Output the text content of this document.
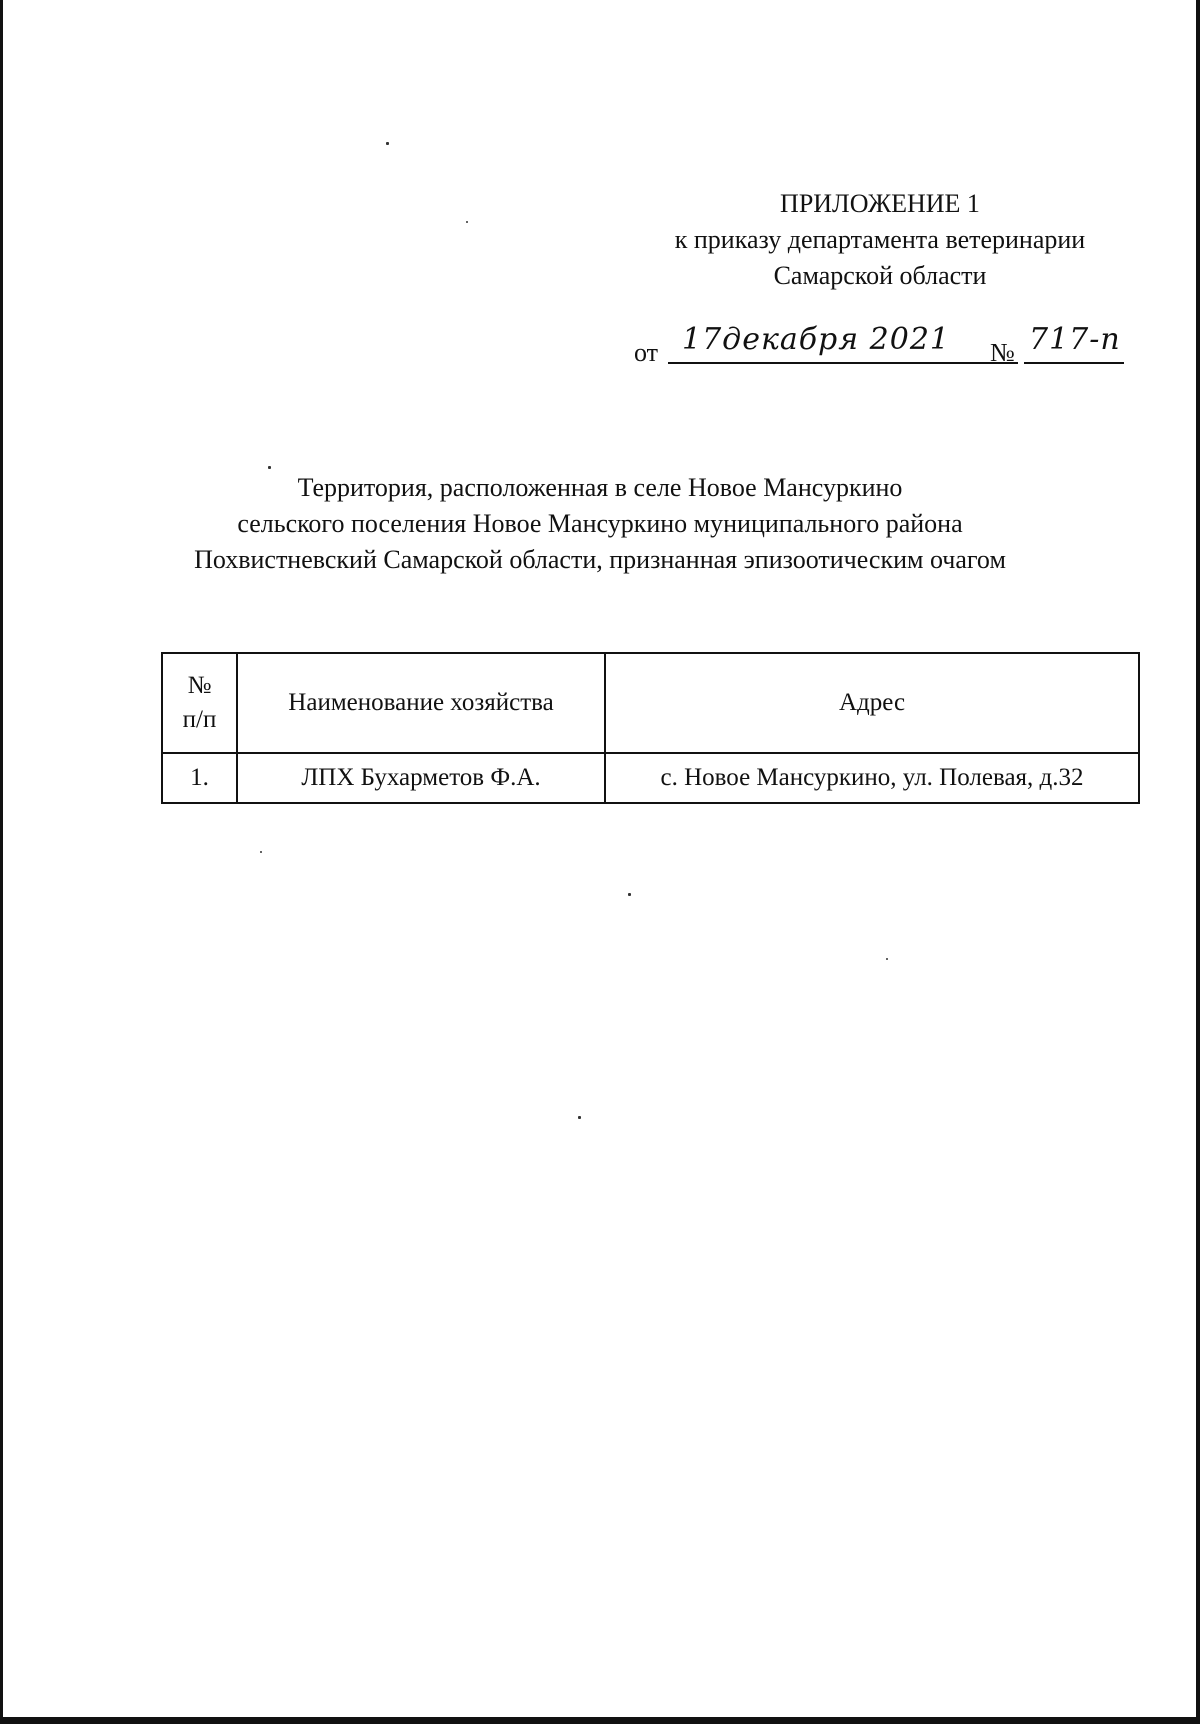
ПРИЛОЖЕНИЕ 1
к приказу департамента ветеринарии
Самарской области
от 17декабря 2021 № 717-п
Территория, расположенная в селе Новое Мансуркино
сельского поселения Новое Мансуркино муниципального района
Похвистневский Самарской области, признанная эпизоотическим очагом
№
п/п	Наименование хозяйства	Адрес
1.	ЛПХ Бухарметов Ф.А.	с. Новое Мансуркино, ул. Полевая, д.32
